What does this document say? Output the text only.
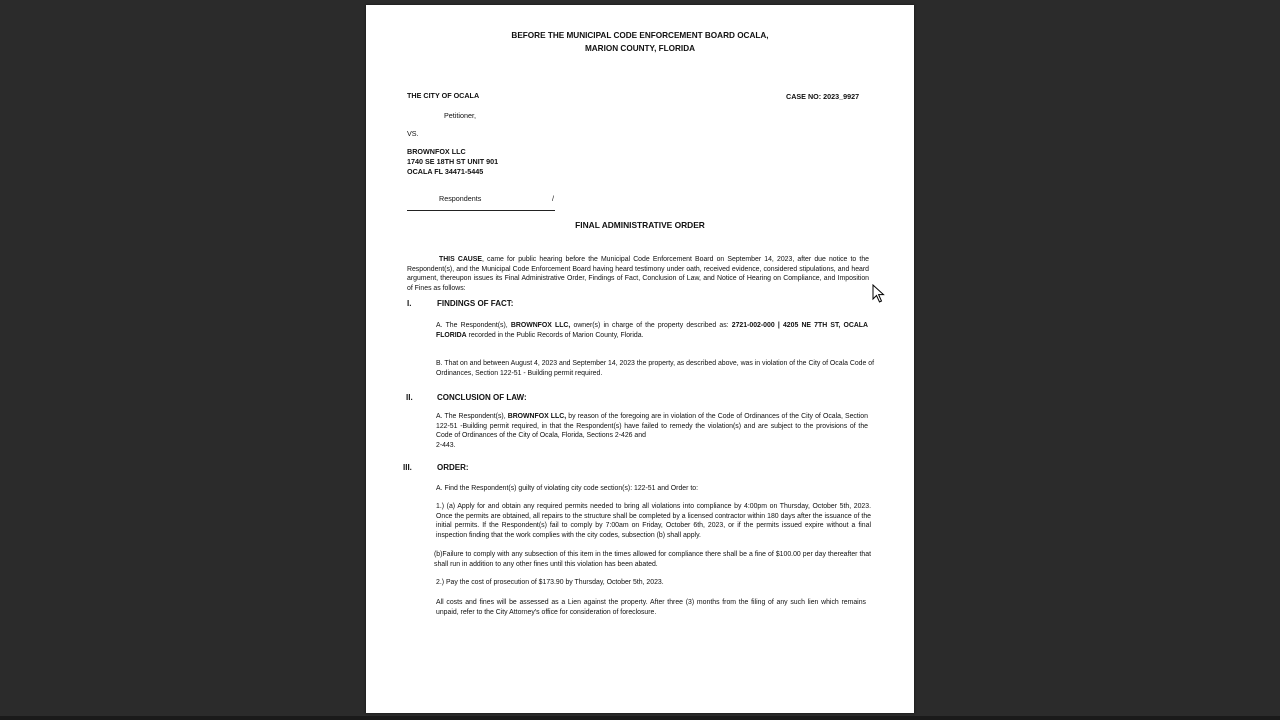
BEFORE THE MUNICIPAL CODE ENFORCEMENT BOARD OCALA,
MARION COUNTY, FLORIDA
THE CITY OF OCALA	CASE NO: 2023_9927
Petitioner,
VS.
BROWNFOX LLC
1740 SE 18TH ST UNIT 901
OCALA FL 34471-5445
Respondents	/
FINAL ADMINISTRATIVE ORDER
THIS CAUSE, came for public hearing before the Municipal Code Enforcement Board on September 14, 2023, after due notice to the Respondent(s), and the Municipal Code Enforcement Board having heard testimony under oath, received evidence, considered stipulations, and heard argument, thereupon issues its Final Administrative Order, Findings of Fact, Conclusion of Law, and Notice of Hearing on Compliance, and Imposition of Fines as follows:
I.	FINDINGS OF FACT:
A. The Respondent(s), BROWNFOX LLC, owner(s) in charge of the property described as: 2721-002-000 | 4205 NE 7TH ST, OCALA FLORIDA recorded in the Public Records of Marion County, Florida.
B. That on and between August 4, 2023 and September 14, 2023 the property, as described above, was in violation of the City of Ocala Code of Ordinances, Section 122-51 - Building permit required.
II.	CONCLUSION OF LAW:
A. The Respondent(s), BROWNFOX LLC, by reason of the foregoing are in violation of the Code of Ordinances of the City of Ocala, Section 122-51 -Building permit required, in that the Respondent(s) have failed to remedy the violation(s) and are subject to the provisions of the Code of Ordinances of the City of Ocala, Florida, Sections 2-426 and
2-443.
III.	ORDER:
A. Find the Respondent(s) guilty of violating city code section(s): 122-51 and Order to:
1.) (a) Apply for and obtain any required permits needed to bring all violations into compliance by 4:00pm on Thursday, October 5th, 2023. Once the permits are obtained, all repairs to the structure shall be completed by a licensed contractor within 180 days after the issuance of the initial permits. If the Respondent(s) fail to comply by 7:00am on Friday, October 6th, 2023, or if the permits issued expire without a final inspection finding that the work complies with the city codes, subsection (b) shall apply.
(b)Failure to comply with any subsection of this item in the times allowed for compliance there shall be a fine of $100.00 per day thereafter that shall run in addition to any other fines until this violation has been abated.
2.) Pay the cost of prosecution of $173.90 by Thursday, October 5th, 2023.
All costs and fines will be assessed as a Lien against the property. After three (3) months from the filing of any such lien which remains unpaid, refer to the City Attorney's office for consideration of foreclosure.
